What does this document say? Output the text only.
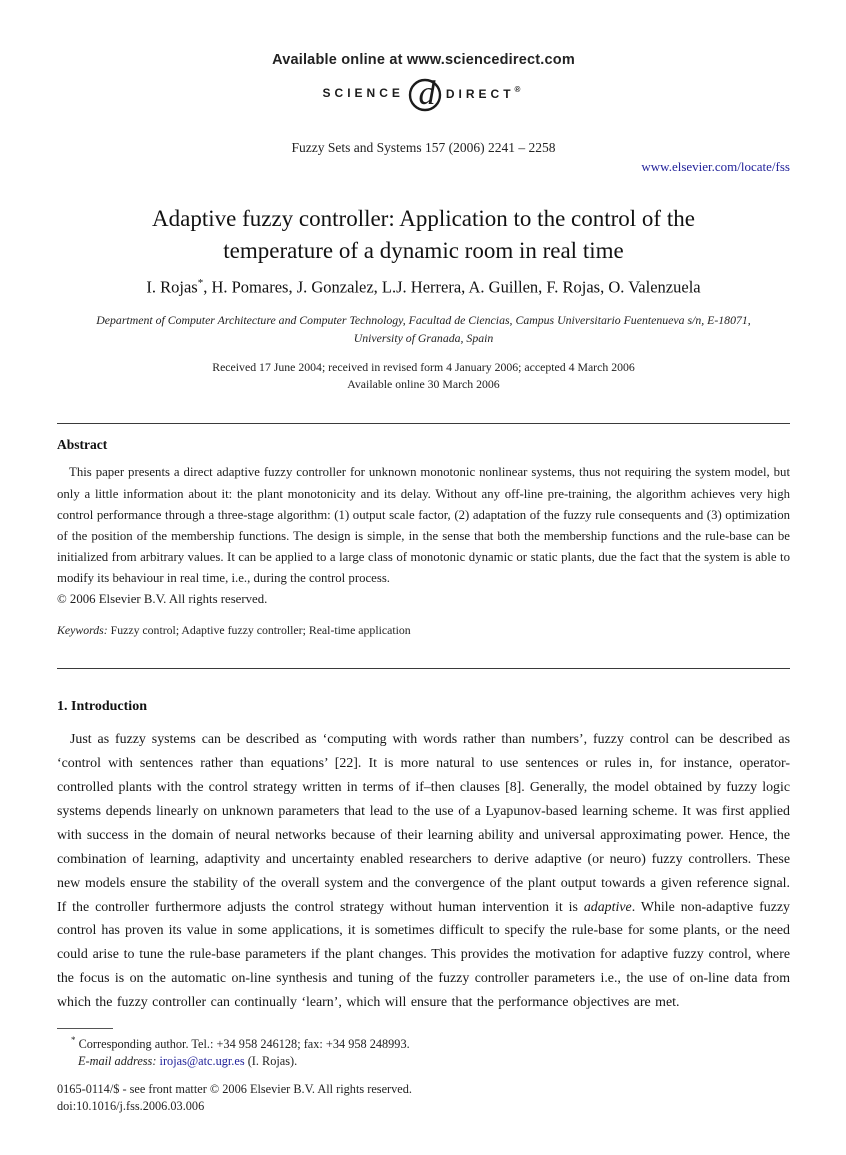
Available online at www.sciencedirect.com
SCIENCE d DIRECT®
Fuzzy Sets and Systems 157 (2006) 2241 – 2258
www.elsevier.com/locate/fss
Adaptive fuzzy controller: Application to the control of the temperature of a dynamic room in real time
I. Rojas*, H. Pomares, J. Gonzalez, L.J. Herrera, A. Guillen, F. Rojas, O. Valenzuela
Department of Computer Architecture and Computer Technology, Facultad de Ciencias, Campus Universitario Fuentenueva s/n, E-18071, University of Granada, Spain
Received 17 June 2004; received in revised form 4 January 2006; accepted 4 March 2006
Available online 30 March 2006
Abstract

This paper presents a direct adaptive fuzzy controller for unknown monotonic nonlinear systems, thus not requiring the system model, but only a little information about it: the plant monotonicity and its delay. Without any off-line pre-training, the algorithm achieves very high control performance through a three-stage algorithm: (1) output scale factor, (2) adaptation of the fuzzy rule consequents and (3) optimization of the position of the membership functions. The design is simple, in the sense that both the membership functions and the rule-base can be initialized from arbitrary values. It can be applied to a large class of monotonic dynamic or static plants, due the fact that the system is able to modify its behaviour in real time, i.e., during the control process.

© 2006 Elsevier B.V. All rights reserved.

Keywords: Fuzzy control; Adaptive fuzzy controller; Real-time application

1. Introduction

Just as fuzzy systems can be described as ‘computing with words rather than numbers’, fuzzy control can be described as ‘control with sentences rather than equations’ [22]. It is more natural to use sentences or rules in, for instance, operator-controlled plants with the control strategy written in terms of if–then clauses [8]. Generally, the model obtained by fuzzy logic systems depends linearly on unknown parameters that lead to the use of a Lyapunov-based learning scheme. It was first applied with success in the domain of neural networks because of their learning ability and universal approximating power. Hence, the combination of learning, adaptivity and uncertainty enabled researchers to derive adaptive (or neuro) fuzzy controllers. These new models ensure the stability of the overall system and the convergence of the plant output towards a given reference signal. If the controller furthermore adjusts the control strategy without human intervention it is adaptive. While non-adaptive fuzzy control has proven its value in some applications, it is sometimes difficult to specify the rule-base for some plants, or the need could arise to tune the rule-base parameters if the plant changes. This provides the motivation for adaptive fuzzy control, where the focus is on the automatic on-line synthesis and tuning of the fuzzy controller parameters i.e., the use of on-line data from which the fuzzy controller can continually ‘learn’, which will ensure that the performance objectives are met.

* Corresponding author. Tel.: +34 958 246128; fax: +34 958 248993.
E-mail address: irojas@atc.ugr.es (I. Rojas).
0165-0114/$ - see front matter © 2006 Elsevier B.V. All rights reserved.
doi:10.1016/j.fss.2006.03.006
